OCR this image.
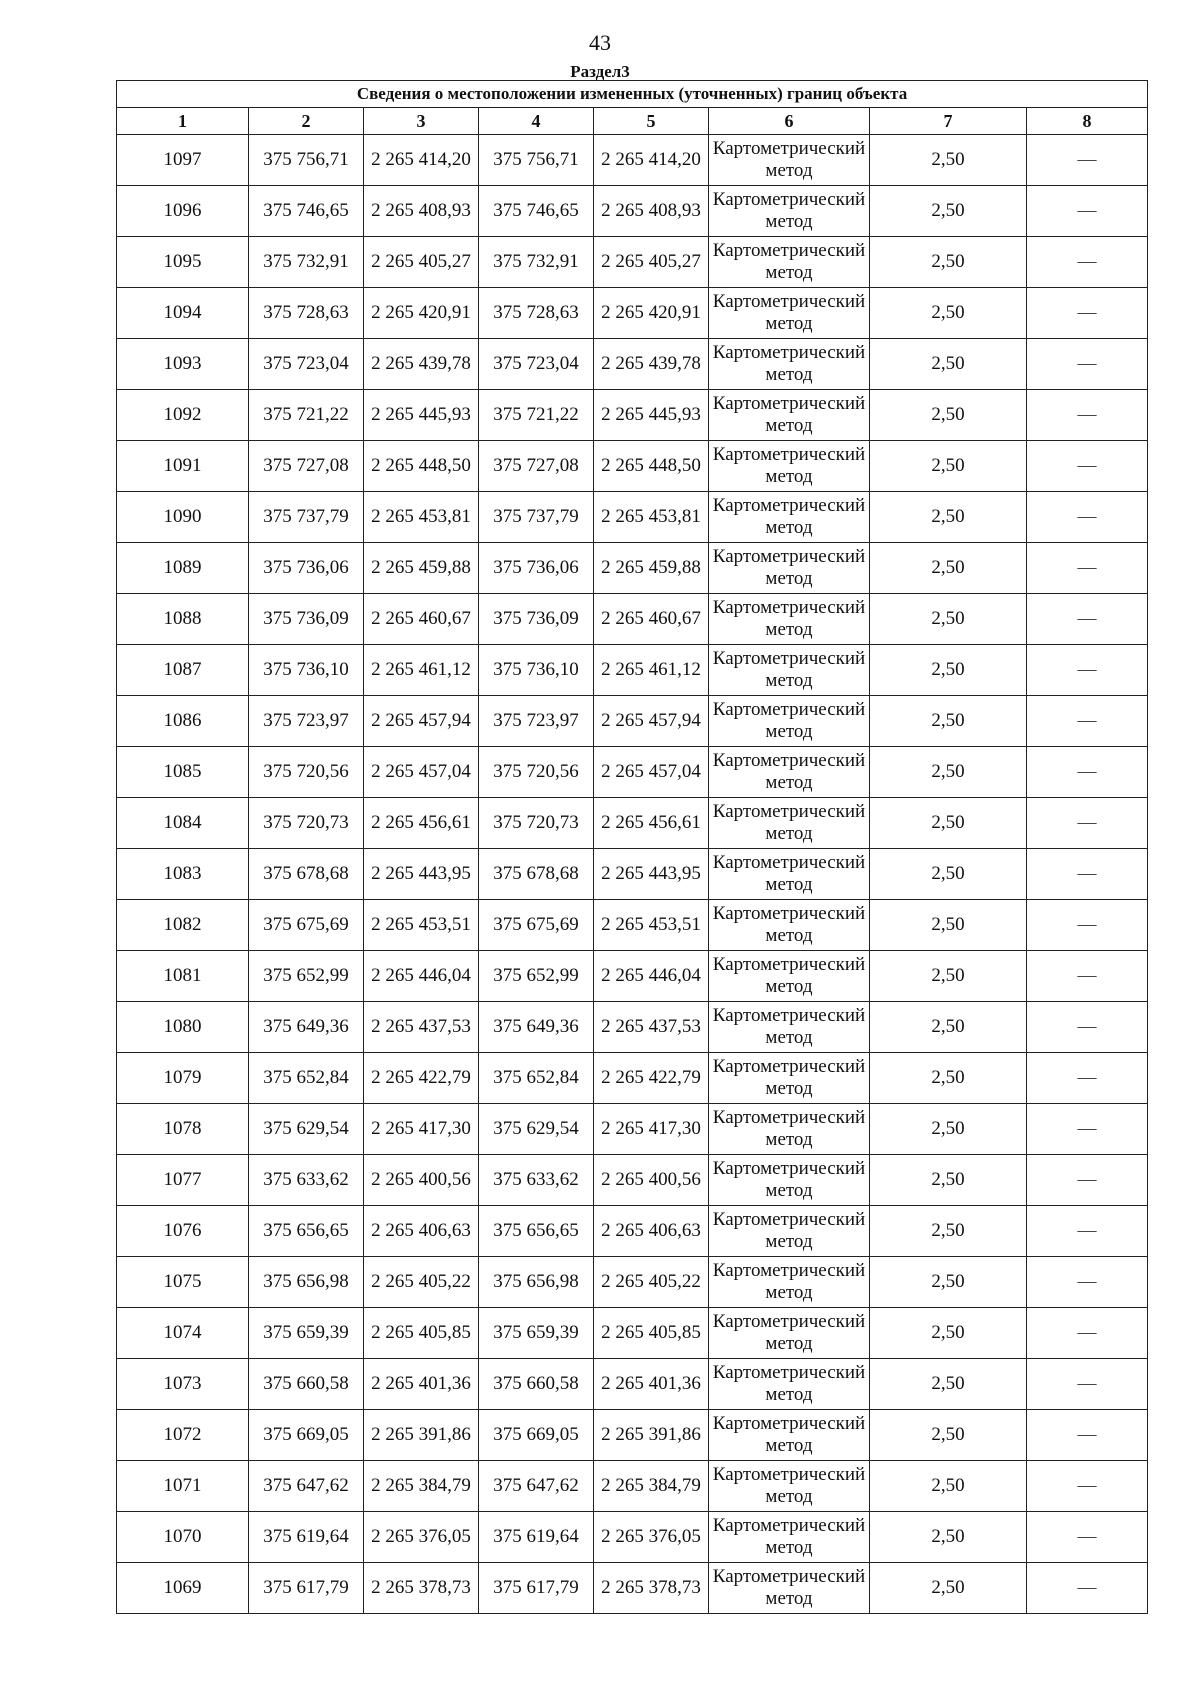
43
Раздел3
Сведения о местоположении измененных (уточненных) границ объекта							
1	2	3	4	5	6	7	8
1097	375 756,71	2 265 414,20	375 756,71	2 265 414,20	Картометрический метод	2,50	—
1096	375 746,65	2 265 408,93	375 746,65	2 265 408,93	Картометрический метод	2,50	—
1095	375 732,91	2 265 405,27	375 732,91	2 265 405,27	Картометрический метод	2,50	—
1094	375 728,63	2 265 420,91	375 728,63	2 265 420,91	Картометрический метод	2,50	—
1093	375 723,04	2 265 439,78	375 723,04	2 265 439,78	Картометрический метод	2,50	—
1092	375 721,22	2 265 445,93	375 721,22	2 265 445,93	Картометрический метод	2,50	—
1091	375 727,08	2 265 448,50	375 727,08	2 265 448,50	Картометрический метод	2,50	—
1090	375 737,79	2 265 453,81	375 737,79	2 265 453,81	Картометрический метод	2,50	—
1089	375 736,06	2 265 459,88	375 736,06	2 265 459,88	Картометрический метод	2,50	—
1088	375 736,09	2 265 460,67	375 736,09	2 265 460,67	Картометрический метод	2,50	—
1087	375 736,10	2 265 461,12	375 736,10	2 265 461,12	Картометрический метод	2,50	—
1086	375 723,97	2 265 457,94	375 723,97	2 265 457,94	Картометрический метод	2,50	—
1085	375 720,56	2 265 457,04	375 720,56	2 265 457,04	Картометрический метод	2,50	—
1084	375 720,73	2 265 456,61	375 720,73	2 265 456,61	Картометрический метод	2,50	—
1083	375 678,68	2 265 443,95	375 678,68	2 265 443,95	Картометрический метод	2,50	—
1082	375 675,69	2 265 453,51	375 675,69	2 265 453,51	Картометрический метод	2,50	—
1081	375 652,99	2 265 446,04	375 652,99	2 265 446,04	Картометрический метод	2,50	—
1080	375 649,36	2 265 437,53	375 649,36	2 265 437,53	Картометрический метод	2,50	—
1079	375 652,84	2 265 422,79	375 652,84	2 265 422,79	Картометрический метод	2,50	—
1078	375 629,54	2 265 417,30	375 629,54	2 265 417,30	Картометрический метод	2,50	—
1077	375 633,62	2 265 400,56	375 633,62	2 265 400,56	Картометрический метод	2,50	—
1076	375 656,65	2 265 406,63	375 656,65	2 265 406,63	Картометрический метод	2,50	—
1075	375 656,98	2 265 405,22	375 656,98	2 265 405,22	Картометрический метод	2,50	—
1074	375 659,39	2 265 405,85	375 659,39	2 265 405,85	Картометрический метод	2,50	—
1073	375 660,58	2 265 401,36	375 660,58	2 265 401,36	Картометрический метод	2,50	—
1072	375 669,05	2 265 391,86	375 669,05	2 265 391,86	Картометрический метод	2,50	—
1071	375 647,62	2 265 384,79	375 647,62	2 265 384,79	Картометрический метод	2,50	—
1070	375 619,64	2 265 376,05	375 619,64	2 265 376,05	Картометрический метод	2,50	—
1069	375 617,79	2 265 378,73	375 617,79	2 265 378,73	Картометрический метод	2,50	—
